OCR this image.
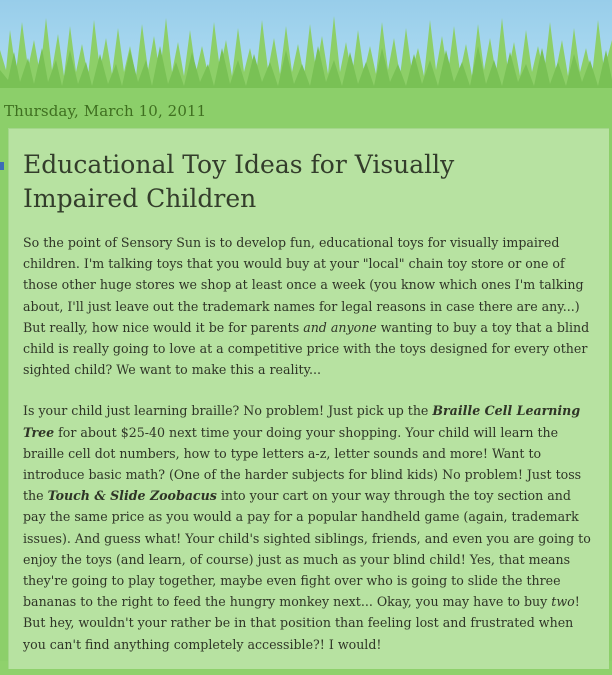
Thursday, March 10, 2011
Educational Toy Ideas for Visually Impaired Children

So the point of Sensory Sun is to develop fun, educational toys for visually impaired children. I'm talking toys that you would buy at your "local" chain toy store or one of those other huge stores we shop at least once a week (you know which ones I'm talking about, I'll just leave out the trademark names for legal reasons in case there are any...) But really, how nice would it be for parents and anyone wanting to buy a toy that a blind child is really going to love at a competitive price with the toys designed for every other sighted child? We want to make this a reality...

Is your child just learning braille? No problem! Just pick up the Braille Cell Learning Tree for about $25-40 next time your doing your shopping. Your child will learn the braille cell dot numbers, how to type letters a-z, letter sounds and more! Want to introduce basic math? (One of the harder subjects for blind kids) No problem! Just toss the Touch & Slide Zoobacus into your cart on your way through the toy section and pay the same price as you would a pay for a popular handheld game (again, trademark issues). And guess what! Your child's sighted siblings, friends, and even you are going to enjoy the toys (and learn, of course) just as much as your blind child! Yes, that means they're going to play together, maybe even fight over who is going to slide the three bananas to the right to feed the hungry monkey next... Okay, you may have to buy two! But hey, wouldn't your rather be in that position than feeling lost and frustrated when you can't find anything completely accessible?! I would!
